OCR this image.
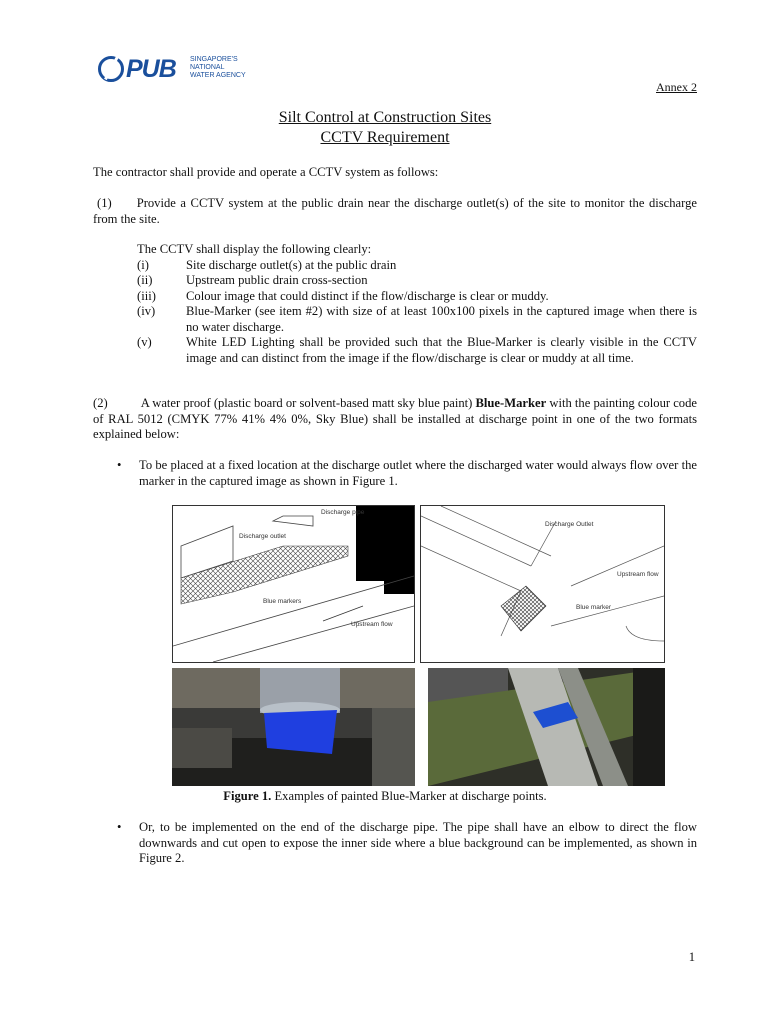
PUB SINGAPORE'S
NATIONAL
WATER AGENCY
Annex 2
Silt Control at Construction Sites
CCTV Requirement
The contractor shall provide and operate a CCTV system as follows:
(1) Provide a CCTV system at the public drain near the discharge outlet(s) of the site to monitor the discharge from the site.
The CCTV shall display the following clearly:
(i)	Site discharge outlet(s) at the public drain
(ii)	Upstream public drain cross-section
(iii)	Colour image that could distinct if the flow/discharge is clear or muddy.
(iv)	Blue-Marker (see item #2) with size of at least 100x100 pixels in the captured image when there is no water discharge.
(v)	White LED Lighting shall be provided such that the Blue-Marker is clearly visible in the CCTV image and can distinct from the image if the flow/discharge is clear or muddy at all time.
(2)	A water proof (plastic board or solvent-based matt sky blue paint) Blue-Marker with the painting colour code of RAL 5012 (CMYK 77% 41% 4% 0%, Sky Blue) shall be installed at discharge point in one of the two formats explained below:
• To be placed at a fixed location at the discharge outlet where the discharged water would always flow over the marker in the captured image as shown in Figure 1.
Discharge pipe
Discharge outlet
Blue markers
Upstream flow
Discharge Outlet
Upstream flow
Blue marker
Figure 1. Examples of painted Blue-Marker at discharge points.
• Or, to be implemented on the end of the discharge pipe. The pipe shall have an elbow to direct the flow downwards and cut open to expose the inner side where a blue background can be implemented, as shown in Figure 2.
1
